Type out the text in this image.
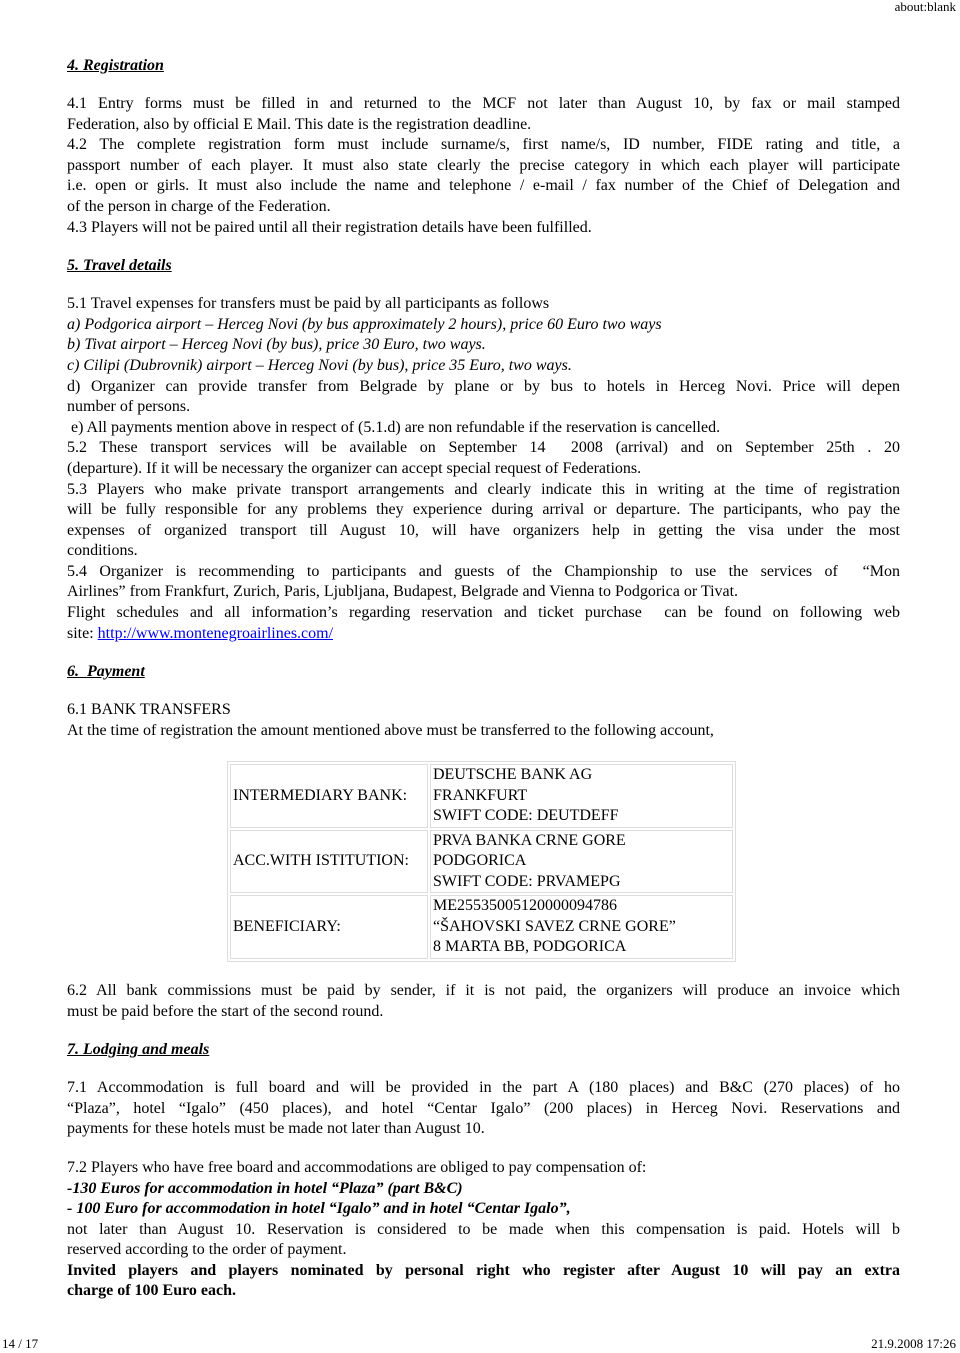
about:blank
4. Registration
4.1 Entry forms must be filled in and returned to the MCF not later than August 10, by fax or mail stamped
Federation, also by official E Mail. This date is the registration deadline.
4.2 The complete registration form must include surname/s, first name/s, ID number, FIDE rating and title, a
passport number of each player. It must also state clearly the precise category in which each player will participate
i.e. open or girls. It must also include the name and telephone / e-mail / fax number of the Chief of Delegation and
of the person in charge of the Federation.
4.3 Players will not be paired until all their registration details have been fulfilled.
5. Travel details
5.1 Travel expenses for transfers must be paid by all participants as follows
a) Podgorica airport – Herceg Novi (by bus approximately 2 hours), price 60 Euro two ways
b) Tivat airport – Herceg Novi (by bus), price 30 Euro, two ways.
c) Cilipi (Dubrovnik) airport – Herceg Novi (by bus), price 35 Euro, two ways.
d) Organizer can provide transfer from Belgrade by plane or by bus to hotels in Herceg Novi. Price will depen
number of persons.
e) All payments mention above in respect of (5.1.d) are non refundable if the reservation is cancelled.
5.2 These transport services will be available on September 14  2008 (arrival) and on September 25th . 20
(departure). If it will be necessary the organizer can accept special request of Federations.
5.3 Players who make private transport arrangements and clearly indicate this in writing at the time of registration
will be fully responsible for any problems they experience during arrival or departure. The participants, who pay the
expenses of organized transport till August 10, will have organizers help in getting the visa under the most
conditions.
5.4 Organizer is recommending to participants and guests of the Championship to use the services of  “Mon
Airlines” from Frankfurt, Zurich, Paris, Ljubljana, Budapest, Belgrade and Vienna to Podgorica or Tivat.
Flight schedules and all information’s regarding reservation and ticket purchase  can be found on following web
site: http://www.montenegroairlines.com/
6.  Payment
6.1 BANK TRANSFERS
At the time of registration the amount mentioned above must be transferred to the following account,
INTERMEDIARY BANK:	DEUTSCHE BANK AG
FRANKFURT
SWIFT CODE: DEUTDEFF

ACC.WITH ISTITUTION:	PRVA BANKA CRNE GORE
PODGORICA
SWIFT CODE: PRVAMEPG

BENEFICIARY:	ME25535005120000094786
“ŠAHOVSKI SAVEZ CRNE GORE”
8 MARTA BB, PODGORICA
6.2 All bank commissions must be paid by sender, if it is not paid, the organizers will produce an invoice which
must be paid before the start of the second round.
7. Lodging and meals
7.1 Accommodation is full board and will be provided in the part A (180 places) and B&C (270 places) of ho
“Plaza”, hotel “Igalo” (450 places), and hotel “Centar Igalo” (200 places) in Herceg Novi. Reservations and
payments for these hotels must be made not later than August 10.
7.2 Players who have free board and accommodations are obliged to pay compensation of:
-130 Euros for accommodation in hotel “Plaza” (part B&C)
- 100 Euro for accommodation in hotel “Igalo” and in hotel “Centar Igalo”,
not later than August 10. Reservation is considered to be made when this compensation is paid. Hotels will b
reserved according to the order of payment.
Invited players and players nominated by personal right who register after August 10 will pay an extra
charge of 100 Euro each.
14 / 17	21.9.2008 17:26
